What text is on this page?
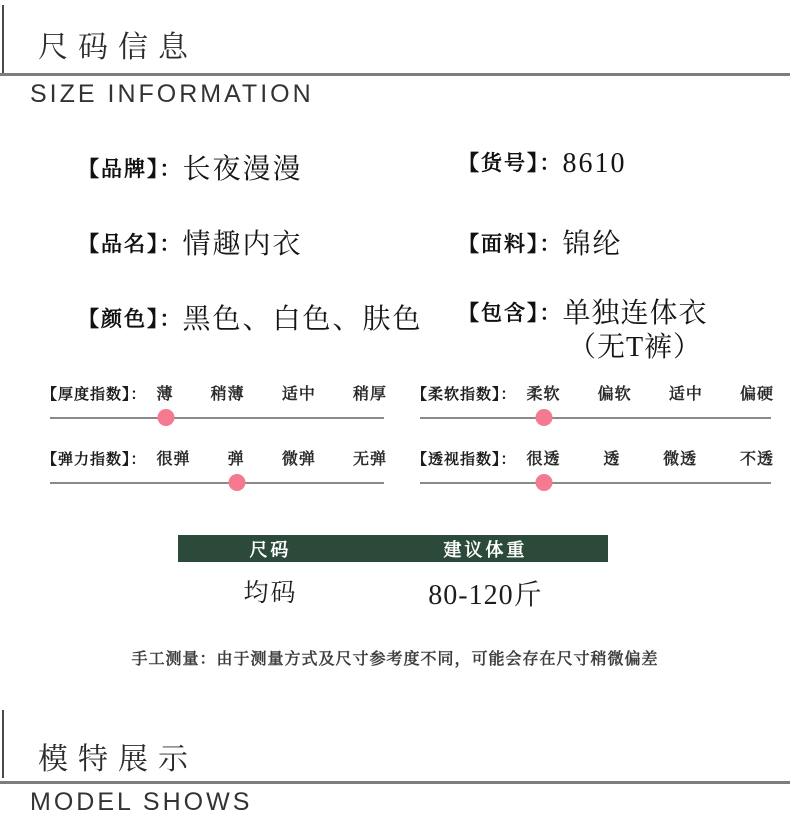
尺码信息
SIZE INFORMATION
【品牌】：长夜漫漫	【货号】：8610
【品名】：情趣内衣	【面料】：锦纶
【颜色】：黑色、白色、肤色 【包含】： 单独连体衣
（无T裤）
【厚度指数】： 薄 稍薄 适中 稍厚 【柔软指数】： 柔软 偏软 适中 偏硬
【弹力指数】： 很弹 弹 微弹 无弹 【透视指数】： 很透	透	微透	不透
尺码	建议体重
均码	80-120斤
手工测量：由于测量方式及尺寸参考度不同，可能会存在尺寸稍微偏差
模特展示
MODEL SHOWS
